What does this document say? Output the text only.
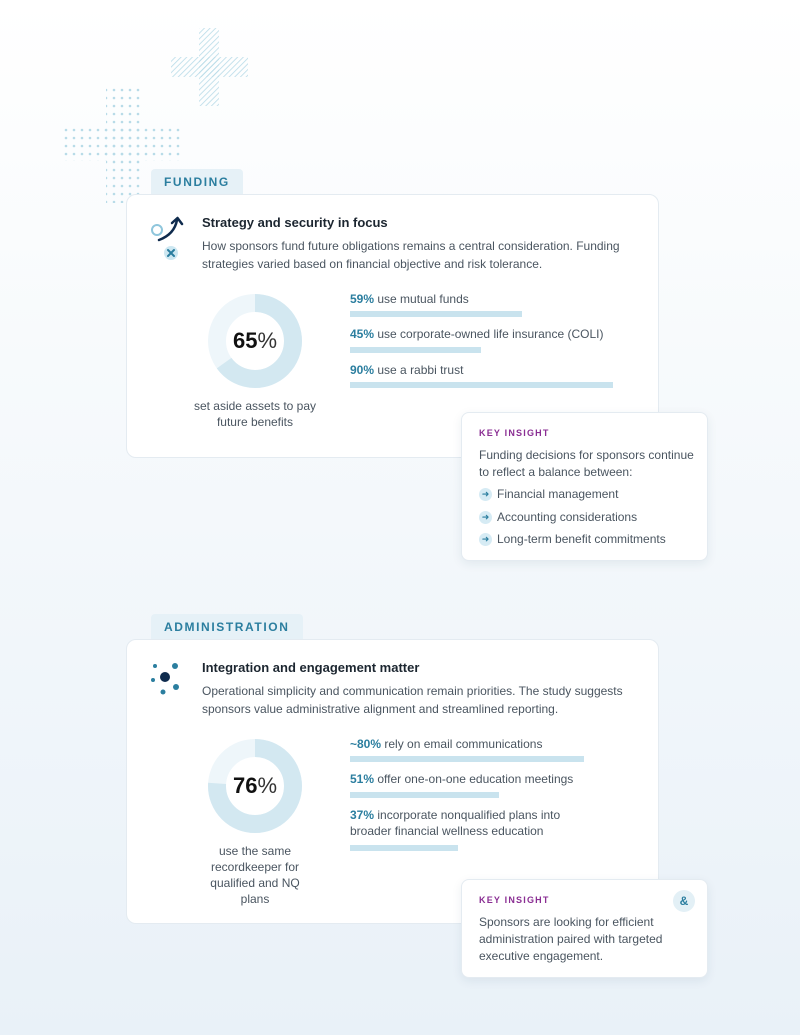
FUNDING
Strategy and security in focus
How sponsors fund future obligations remains a central consideration. Funding strategies varied based on financial objective and risk tolerance.
65 %
set aside assets to pay future benefits
59% use mutual funds
45% use corporate-owned life insurance (COLI)
90% use a rabbi trust
KEY INSIGHT
Funding decisions for sponsors continue to reflect a balance between:
➜ Financial management
➜ Accounting considerations
➜ Long-term benefit commitments
ADMINISTRATION
Integration and engagement matter
Operational simplicity and communication remain priorities. The study suggests sponsors value administrative alignment and streamlined reporting.
76 %
use the same recordkeeper for qualified and NQ plans
~80% rely on email communications
51% offer one-on-one education meetings
37% incorporate nonqualified plans into broader financial wellness education
KEY INSIGHT	&
Sponsors are looking for efficient administration paired with targeted executive engagement.
